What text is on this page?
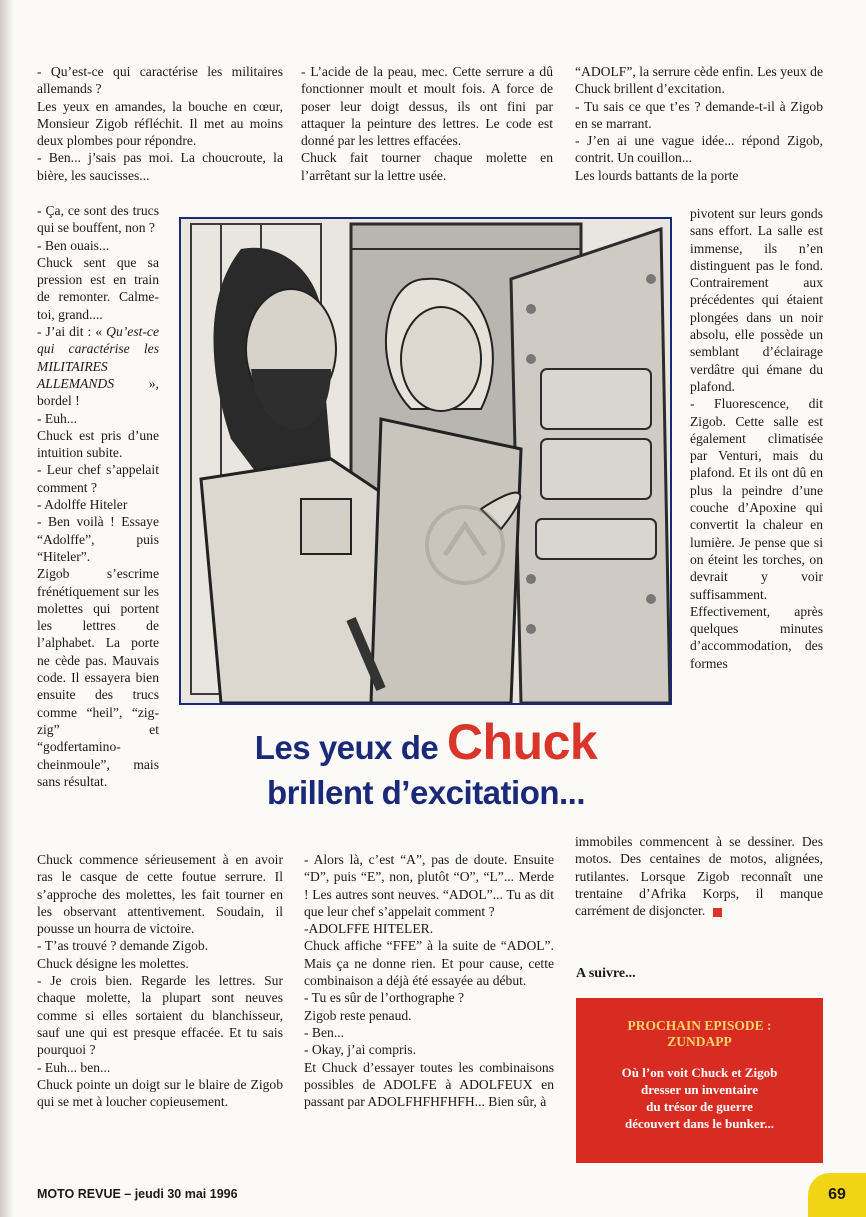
- Qu’est-ce qui caractérise les militaires allemands ?

Les yeux en amandes, la bouche en cœur, Monsieur Zigob réfléchit. Il met au moins deux plombes pour répondre.

- Ben... j’sais pas moi. La choucroute, la bière, les saucisses...

- Ça, ce sont des trucs qui se bouffent, non ?

- Ben ouais...

Chuck sent que sa pression est en train de remonter. Calme-toi, grand....

- J’ai dit : « Qu’est-ce qui caractérise les MILITAIRES ALLEMANDS », bordel !

- Euh...

Chuck est pris d’une intuition subite.

- Leur chef s’appelait comment ?

- Adolffe Hiteler

- Ben voilà ! Essaye “Adolffe”, puis “Hiteler”.

Zigob s’escrime frénétiquement sur les molettes qui portent les lettres de l’alphabet. La porte ne cède pas. Mauvais code. Il essayera bien ensuite des trucs comme “heil”, “zig-zig” et “godfertamino-cheinmoule”, mais sans résultat.

Chuck commence sérieusement à en avoir ras le casque de cette foutue serrure. Il s’approche des molettes, les fait tourner en les observant attentivement. Soudain, il pousse un hourra de victoire.

- T’as trouvé ? demande Zigob.

Chuck désigne les molettes.

- Je crois bien. Regarde les lettres. Sur chaque molette, la plupart sont neuves comme si elles sortaient du blanchisseur, sauf une qui est presque effacée. Et tu sais pourquoi ?

- Euh... ben...

Chuck pointe un doigt sur le blaire de Zigob qui se met à loucher copieusement.

- L’acide de la peau, mec. Cette serrure a dû fonctionner moult et moult fois. A force de poser leur doigt dessus, ils ont fini par attaquer la peinture des lettres. Le code est donné par les lettres effacées.

Chuck fait tourner chaque molette en l’arrêtant sur la lettre usée.

Les yeux de Chuck
brillent d’excitation...

- Alors là, c’est “A”, pas de doute. Ensuite “D”, puis “E”, non, plutôt “O”, “L”... Merde ! Les autres sont neuves. “ADOL”... Tu as dit que leur chef s’appelait comment ?

-ADOLFFE HITELER.

Chuck affiche “FFE” à la suite de “ADOL”. Mais ça ne donne rien. Et pour cause, cette combinaison a déjà été essayée au début.

- Tu es sûr de l’orthographe ?

Zigob reste penaud.

- Ben...

- Okay, j’ai compris.

Et Chuck d’essayer toutes les combinaisons possibles de ADOLFE à ADOLFEUX en passant par ADOLFHFHFHFH... Bien sûr, à

“ADOLF”, la serrure cède enfin. Les yeux de Chuck brillent d’excitation.

- Tu sais ce que t’es ? demande-t-il à Zigob en se marrant.

- J’en ai une vague idée... répond Zigob, contrit. Un couillon...

Les lourds battants de la porte

pivotent sur leurs gonds sans effort. La salle est immense, ils n’en distinguent pas le fond. Contrairement aux précédentes qui étaient plongées dans un noir absolu, elle possède un semblant d’éclairage verdâtre qui émane du plafond.

- Fluorescence, dit Zigob. Cette salle est également climatisée par Venturi, mais du plafond. Et ils ont dû en plus la peindre d’une couche d’Apoxine qui convertit la chaleur en lumière. Je pense que si on éteint les torches, on devrait y voir suffisamment.

Effectivement, après quelques minutes d’accommodation, des formes

immobiles commencent à se dessiner. Des motos. Des centaines de motos, alignées, rutilantes. Lorsque Zigob reconnaît une trentaine d’Afrika Korps, il manque carrément de disjoncter.

A suivre...
PROCHAIN EPISODE :
ZUNDAPP
Où l’on voit Chuck et Zigob
dresser un inventaire
du trésor de guerre
découvert dans le bunker...
MOTO REVUE – jeudi 30 mai 1996	69
